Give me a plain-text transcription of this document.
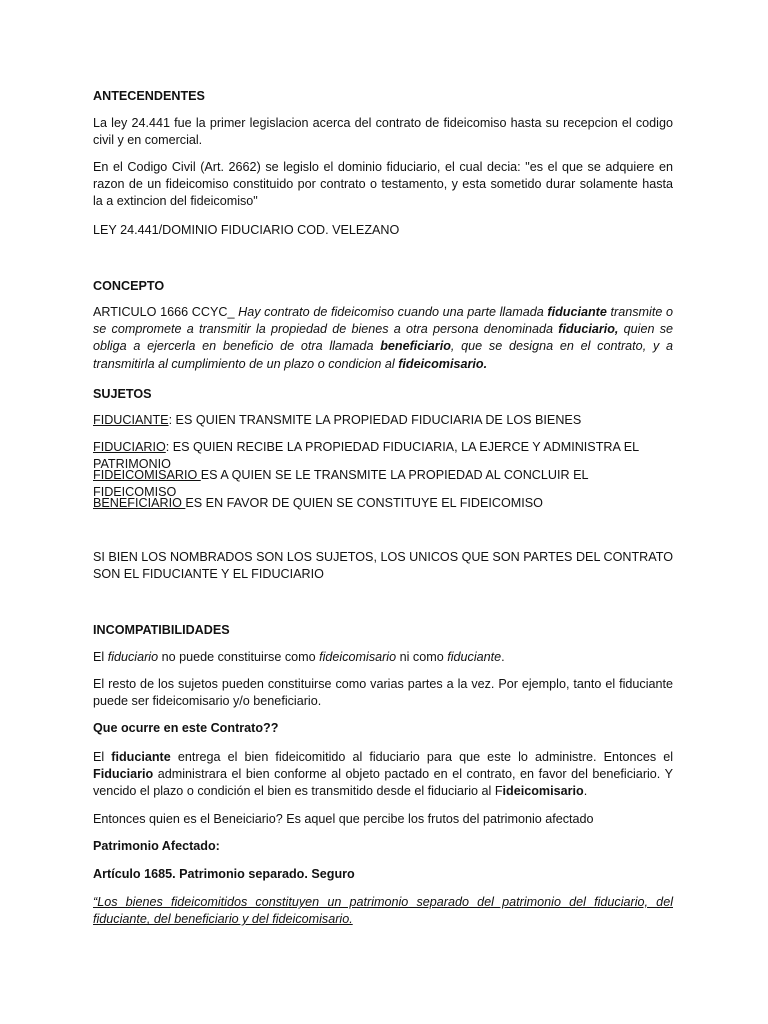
ANTECENDENTES
La ley 24.441 fue la primer legislacion acerca del contrato de fideicomiso hasta su recepcion el codigo civil y en comercial.
En el Codigo Civil (Art. 2662) se legislo el dominio fiduciario, el cual decia: "es el que se adquiere en razon de un fideicomiso constituido por contrato o testamento, y esta sometido durar solamente hasta la a extincion del fideicomiso"
LEY 24.441/DOMINIO FIDUCIARIO COD. VELEZANO
CONCEPTO
ARTICULO 1666 CCYC_ Hay contrato de fideicomiso cuando una parte llamada fiduciante transmite o se compromete a transmitir la propiedad de bienes a otra persona denominada fiduciario, quien se obliga a ejercerla en beneficio de otra llamada beneficiario, que se designa en el contrato, y a transmitirla al cumplimiento de un plazo o condicion al fideicomisario.
SUJETOS
FIDUCIANTE: ES QUIEN TRANSMITE LA PROPIEDAD FIDUCIARIA DE LOS BIENES
FIDUCIARIO: ES QUIEN RECIBE LA PROPIEDAD FIDUCIARIA, LA EJERCE Y ADMINISTRA EL PATRIMONIO
FIDEICOMISARIO ES A QUIEN SE LE TRANSMITE LA PROPIEDAD AL CONCLUIR EL FIDEICOMISO
BENEFICIARIO ES EN FAVOR DE QUIEN SE CONSTITUYE EL FIDEICOMISO
SI BIEN LOS NOMBRADOS SON LOS SUJETOS, LOS UNICOS QUE SON PARTES DEL CONTRATO SON EL FIDUCIANTE Y EL FIDUCIARIO
INCOMPATIBILIDADES
El fiduciario no puede constituirse como fideicomisario ni como fiduciante.
El resto de los sujetos pueden constituirse como varias partes a la vez. Por ejemplo, tanto el fiduciante puede ser fideicomisario y/o beneficiario.
Que ocurre en este Contrato??
El fiduciante entrega el bien fideicomitido al fiduciario para que este lo administre. Entonces el Fiduciario administrara el bien conforme al objeto pactado en el contrato, en favor del beneficiario. Y vencido el plazo o condición el bien es transmitido desde el fiduciario al Fideicomisario.
Entonces quien es el Beneiciario? Es aquel que percibe los frutos del patrimonio afectado
Patrimonio Afectado:
Artículo 1685. Patrimonio separado. Seguro
“Los bienes fideicomitidos constituyen un patrimonio separado del patrimonio del fiduciario, del fiduciante, del beneficiario y del fideicomisario.
